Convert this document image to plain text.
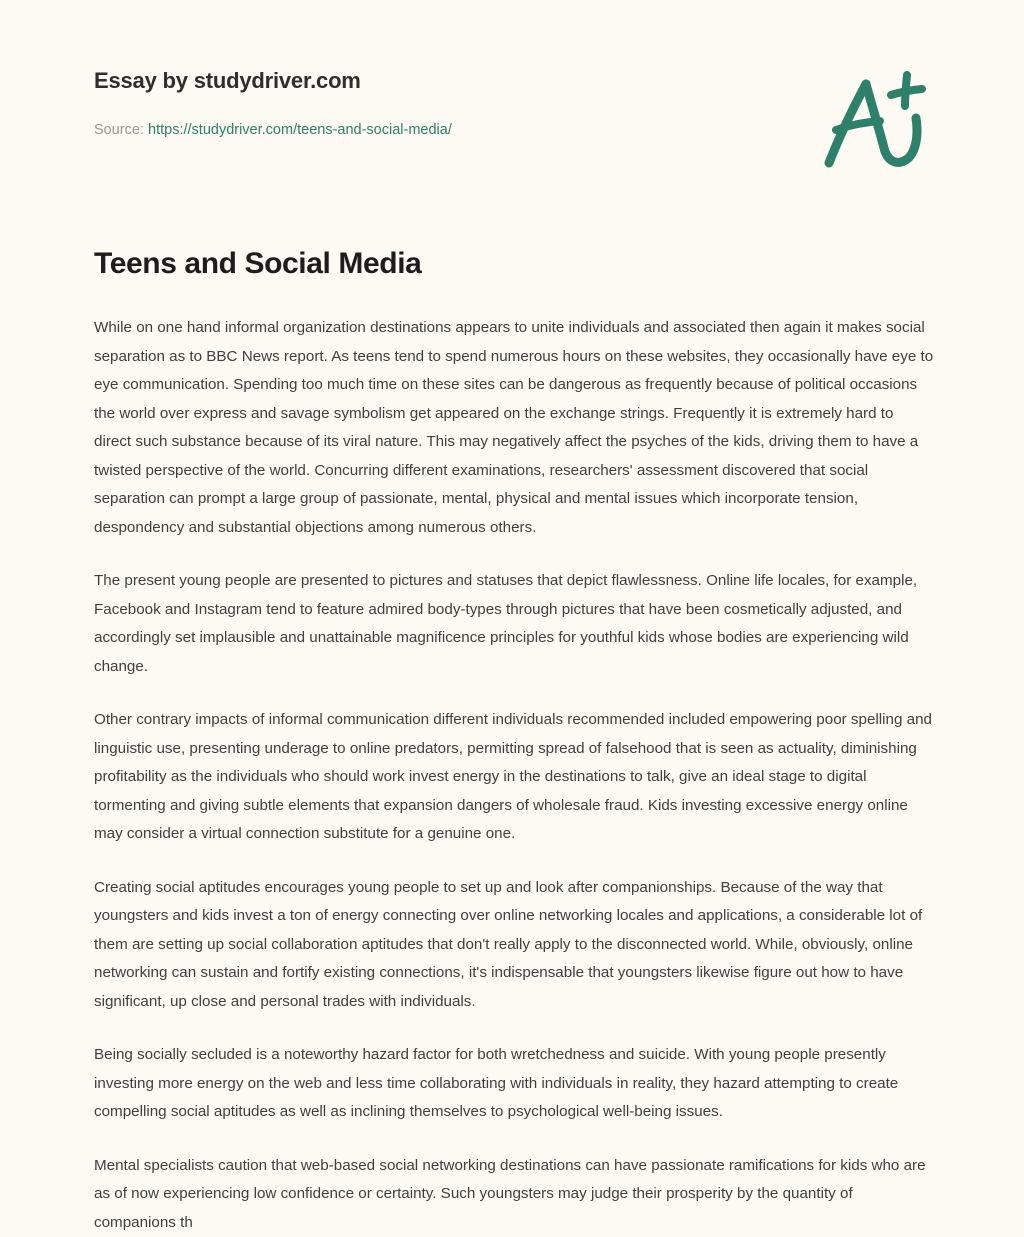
Essay by studydriver.com
Source: https://studydriver.com/teens-and-social-media/
Teens and Social Media

While on one hand informal organization destinations appears to unite individuals and associated then again it makes social separation as to BBC News report. As teens tend to spend numerous hours on these websites, they occasionally have eye to eye communication. Spending too much time on these sites can be dangerous as frequently because of political occasions the world over express and savage symbolism get appeared on the exchange strings. Frequently it is extremely hard to direct such substance because of its viral nature. This may negatively affect the psyches of the kids, driving them to have a twisted perspective of the world. Concurring different examinations, researchers' assessment discovered that social separation can prompt a large group of passionate, mental, physical and mental issues which incorporate tension, despondency and substantial objections among numerous others.

The present young people are presented to pictures and statuses that depict flawlessness. Online life locales, for example, Facebook and Instagram tend to feature admired body-types through pictures that have been cosmetically adjusted, and accordingly set implausible and unattainable magnificence principles for youthful kids whose bodies are experiencing wild change.

Other contrary impacts of informal communication different individuals recommended included empowering poor spelling and linguistic use, presenting underage to online predators, permitting spread of falsehood that is seen as actuality, diminishing profitability as the individuals who should work invest energy in the destinations to talk, give an ideal stage to digital tormenting and giving subtle elements that expansion dangers of wholesale fraud. Kids investing excessive energy online may consider a virtual connection substitute for a genuine one.

Creating social aptitudes encourages young people to set up and look after companionships. Because of the way that youngsters and kids invest a ton of energy connecting over online networking locales and applications, a considerable lot of them are setting up social collaboration aptitudes that don't really apply to the disconnected world. While, obviously, online networking can sustain and fortify existing connections, it's indispensable that youngsters likewise figure out how to have significant, up close and personal trades with individuals.

Being socially secluded is a noteworthy hazard factor for both wretchedness and suicide. With young people presently investing more energy on the web and less time collaborating with individuals in reality, they hazard attempting to create compelling social aptitudes as well as inclining themselves to psychological well-being issues.

Mental specialists caution that web-based social networking destinations can have passionate ramifications for kids who are as of now experiencing low confidence or certainty. Such youngsters may judge their prosperity by the quantity of companions th
